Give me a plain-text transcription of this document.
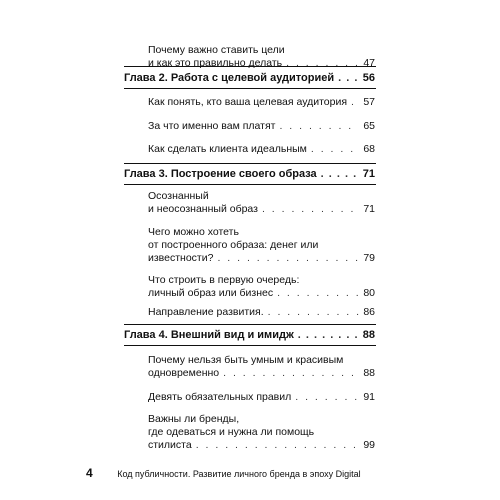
Почему важно ставить цели
и как это правильно делать . . .	47
Глава 2. Работа с целевой аудиторией . . .	56
Как понять, кто ваша целевая аудитория . . . 57
За что именно вам платят . . .	65
Как сделать клиента идеальным . . .	68
Глава 3. Построение своего образа . . .	71
Осознанный
и неосознанный образ . . .	71
Чего можно хотеть
от построенного образа: денег или
известности? . . .	79
Что строить в первую очередь:
личный образ или бизнес . . .	80
Направление развития. . . .	86
Глава 4. Внешний вид и имидж . . .	88
Почему нельзя быть умным и красивым
одновременно . . .	88
Девять обязательных правил . . .	91
Важны ли бренды,
где одеваться и нужна ли помощь
стилиста . . .	99
4	Код публичности. Развитие личного бренда в эпоху Digital
